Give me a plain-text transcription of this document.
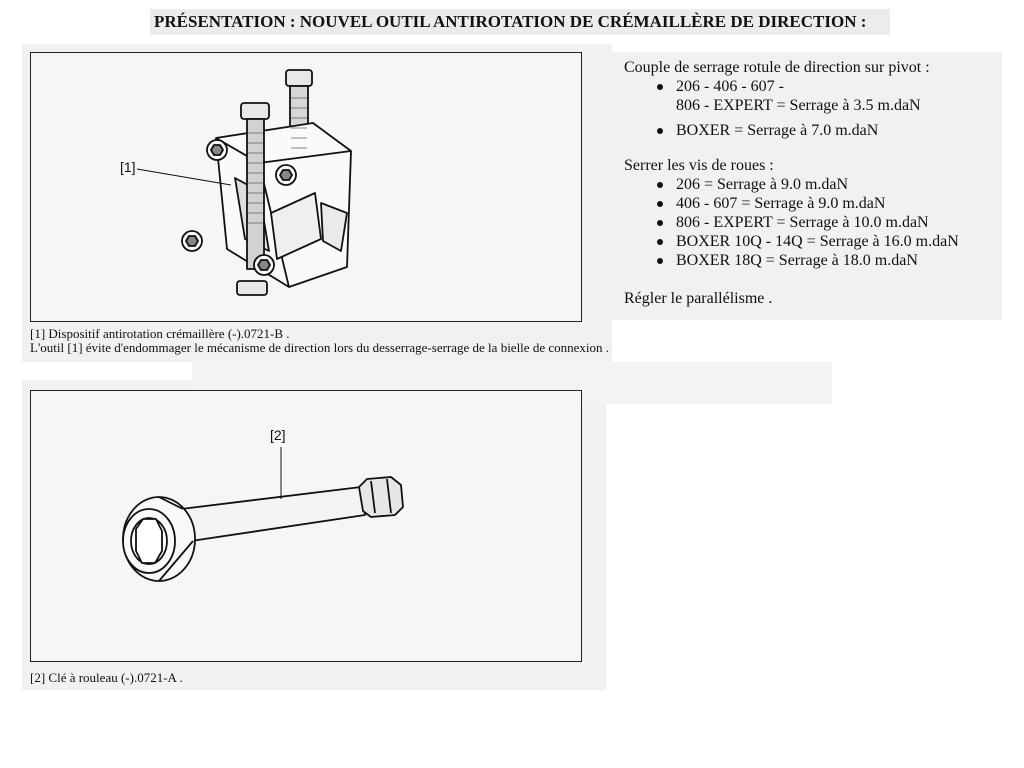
PRÉSENTATION : NOUVEL OUTIL ANTIROTATION DE CRÉMAILLÈRE DE DIRECTION :
[1]
[1] Dispositif antirotation crémaillère (-).0721-B .
L'outil [1] évite d'endommager le mécanisme de direction lors du desserrage-serrage de la bielle de connexion .

Couple de serrage rotule de direction sur pivot :

206 - 406 - 607 -
806 - EXPERT = Serrage à 3.5 m.daN
BOXER = Serrage à 7.0 m.daN

Serrer les vis de roues :

206 = Serrage à 9.0 m.daN
406 - 607 = Serrage à 9.0 m.daN
806 - EXPERT = Serrage à 10.0 m.daN
BOXER 10Q - 14Q = Serrage à 16.0 m.daN
BOXER 18Q = Serrage à 18.0 m.daN

Régler le parallélisme .

[2]
[2] Clé à rouleau (-).0721-A .
